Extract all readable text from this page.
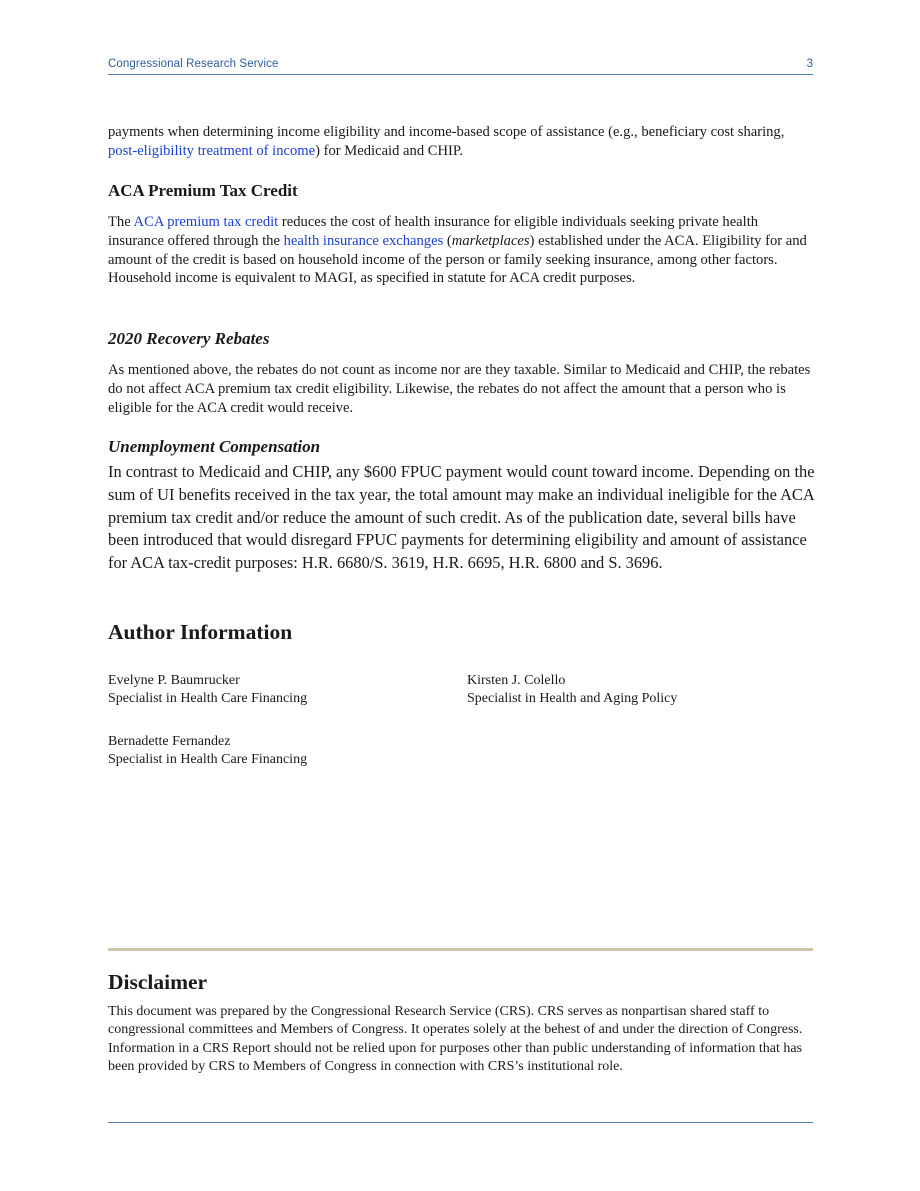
Congressional Research Service	3

payments when determining income eligibility and income-based scope of assistance (e.g., beneficiary cost sharing, post-eligibility treatment of income) for Medicaid and CHIP.

ACA Premium Tax Credit

The ACA premium tax credit reduces the cost of health insurance for eligible individuals seeking private health insurance offered through the health insurance exchanges (marketplaces) established under the ACA. Eligibility for and amount of the credit is based on household income of the person or family seeking insurance, among other factors. Household income is equivalent to MAGI, as specified in statute for ACA credit purposes.

2020 Recovery Rebates

As mentioned above, the rebates do not count as income nor are they taxable. Similar to Medicaid and CHIP, the rebates do not affect ACA premium tax credit eligibility. Likewise, the rebates do not affect the amount that a person who is eligible for the ACA credit would receive.

Unemployment Compensation

In contrast to Medicaid and CHIP, any $600 FPUC payment would count toward income. Depending on the sum of UI benefits received in the tax year, the total amount may make an individual ineligible for the ACA premium tax credit and/or reduce the amount of such credit. As of the publication date, several bills have been introduced that would disregard FPUC payments for determining eligibility and amount of assistance for ACA tax-credit purposes: H.R. 6680/S. 3619, H.R. 6695, H.R. 6800 and S. 3696.

Author Information
Evelyne P. Baumrucker
Specialist in Health Care Financing
Kirsten J. Colello
Specialist in Health and Aging Policy
Bernadette Fernandez
Specialist in Health Care Financing
Disclaimer

This document was prepared by the Congressional Research Service (CRS). CRS serves as nonpartisan shared staff to congressional committees and Members of Congress. It operates solely at the behest of and under the direction of Congress. Information in a CRS Report should not be relied upon for purposes other than public understanding of information that has been provided by CRS to Members of Congress in connection with CRS’s institutional role.
